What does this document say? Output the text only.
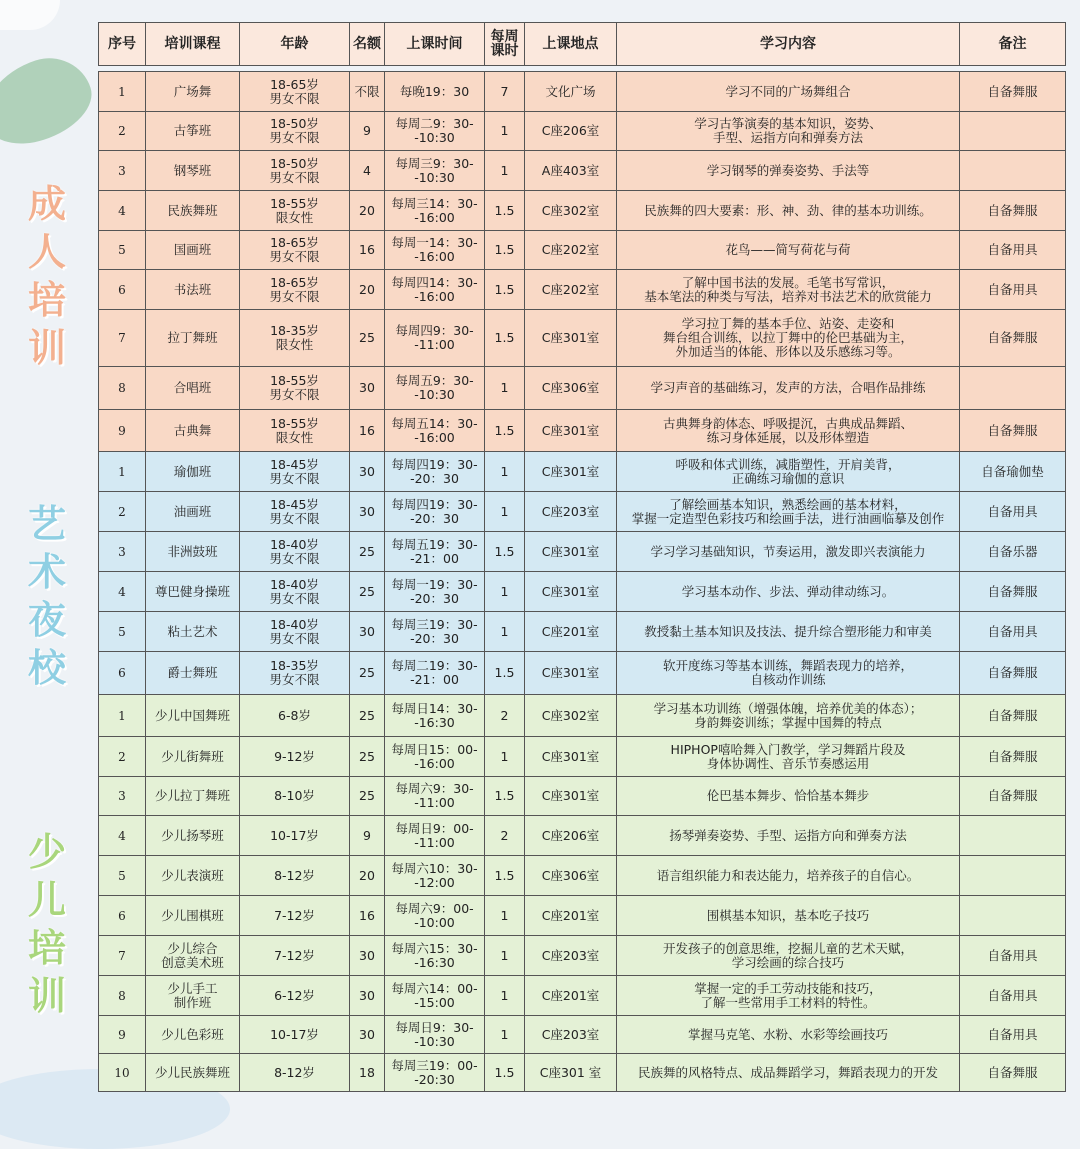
成
人
培
训
艺
术
夜
校
少
儿
培
训
序号	培训课程	年龄	名额	上课时间	每周
课时	上课地点	学习内容	备注
1	广场舞	18-65岁
男女不限	不限	每晚19：30	7	文化广场	学习不同的广场舞组合	自备舞服
2	古筝班	18-50岁
男女不限	9	每周二9：30-
-10:30	1	C座206室	学习古筝演奏的基本知识，姿势、
手型、运指方向和弹奏方法	
3	钢琴班	18-50岁
男女不限	4	每周三9：30-
-10:30	1	A座403室	学习钢琴的弹奏姿势、手法等	
4	民族舞班	18-55岁
限女性	20	每周三14：30-
-16:00	1.5	C座302室	民族舞的四大要素：形、神、劲、律的基本功训练。	自备舞服
5	国画班	18-65岁
男女不限	16	每周一14：30-
-16:00	1.5	C座202室	花鸟——简写荷花与荷	自备用具
6	书法班	18-65岁
男女不限	20	每周四14：30-
-16:00	1.5	C座202室	了解中国书法的发展。毛笔书写常识，
基本笔法的种类与写法，培养对书法艺术的欣赏能力	自备用具
7	拉丁舞班	18-35岁
限女性	25	每周四9：30-
-11:00	1.5	C座301室	学习拉丁舞的基本手位、站姿、走姿和
舞台组合训练，以拉丁舞中的伦巴基础为主，
外加适当的体能、形体以及乐感练习等。	自备舞服
8	合唱班	18-55岁
男女不限	30	每周五9：30-
-10:30	1	C座306室	学习声音的基础练习，发声的方法，合唱作品排练	
9	古典舞	18-55岁
限女性	16	每周五14：30-
-16:00	1.5	C座301室	古典舞身韵体态、呼吸提沉，古典成品舞蹈、
练习身体延展，以及形体塑造	自备舞服
1	瑜伽班	18-45岁
男女不限	30	每周四19：30-
-20：30	1	C座301室	呼吸和体式训练，减脂塑性，开肩美背，
正确练习瑜伽的意识	自备瑜伽垫
2	油画班	18-45岁
男女不限	30	每周四19：30-
-20：30	1	C座203室	了解绘画基本知识，熟悉绘画的基本材料，
掌握一定造型色彩技巧和绘画手法，进行油画临摹及创作	自备用具
3	非洲鼓班	18-40岁
男女不限	25	每周五19：30-
-21：00	1.5	C座301室	学习学习基础知识，节奏运用，激发即兴表演能力	自备乐器
4	尊巴健身操班	18-40岁
男女不限	25	每周一19：30-
-20：30	1	C座301室	学习基本动作、步法、弹动律动练习。	自备舞服
5	粘土艺术	18-40岁
男女不限	30	每周三19：30-
-20：30	1	C座201室	教授黏土基本知识及技法、提升综合塑形能力和审美	自备用具
6	爵士舞班	18-35岁
男女不限	25	每周二19：30-
-21：00	1.5	C座301室	软开度练习等基本训练，舞蹈表现力的培养，
自核动作训练	自备舞服
1	少儿中国舞班	6-8岁	25	每周日14：30-
-16:30	2	C座302室	学习基本功训练（增强体魄，培养优美的体态）；
身韵舞姿训练；掌握中国舞的特点	自备舞服
2	少儿街舞班	9-12岁	25	每周日15：00-
-16:00	1	C座301室	HIPHOP嘻哈舞入门教学，学习舞蹈片段及
身体协调性、音乐节奏感运用	自备舞服
3	少儿拉丁舞班	8-10岁	25	每周六9：30-
-11:00	1.5	C座301室	伦巴基本舞步、恰恰基本舞步	自备舞服
4	少儿扬琴班	10-17岁	9	每周日9：00-
-11:00	2	C座206室	扬琴弹奏姿势、手型、运指方向和弹奏方法	
5	少儿表演班	8-12岁	20	每周六10：30-
-12:00	1.5	C座306室	语言组织能力和表达能力，培养孩子的自信心。	
6	少儿围棋班	7-12岁	16	每周六9：00-
-10:00	1	C座201室	围棋基本知识，基本吃子技巧	
7	少儿综合
创意美术班	7-12岁	30	每周六15：30-
-16:30	1	C座203室	开发孩子的创意思维，挖掘儿童的艺术天赋，
学习绘画的综合技巧	自备用具
8	少儿手工
制作班	6-12岁	30	每周六14：00-
-15:00	1	C座201室	掌握一定的手工劳动技能和技巧，
了解一些常用手工材料的特性。	自备用具
9	少儿色彩班	10-17岁	30	每周日9：30-
-10:30	1	C座203室	掌握马克笔、水粉、水彩等绘画技巧	自备用具
10	少儿民族舞班	8-12岁	18	每周三19：00-
-20:30	1.5	C座301 室	民族舞的风格特点、成品舞蹈学习，舞蹈表现力的开发	自备舞服
